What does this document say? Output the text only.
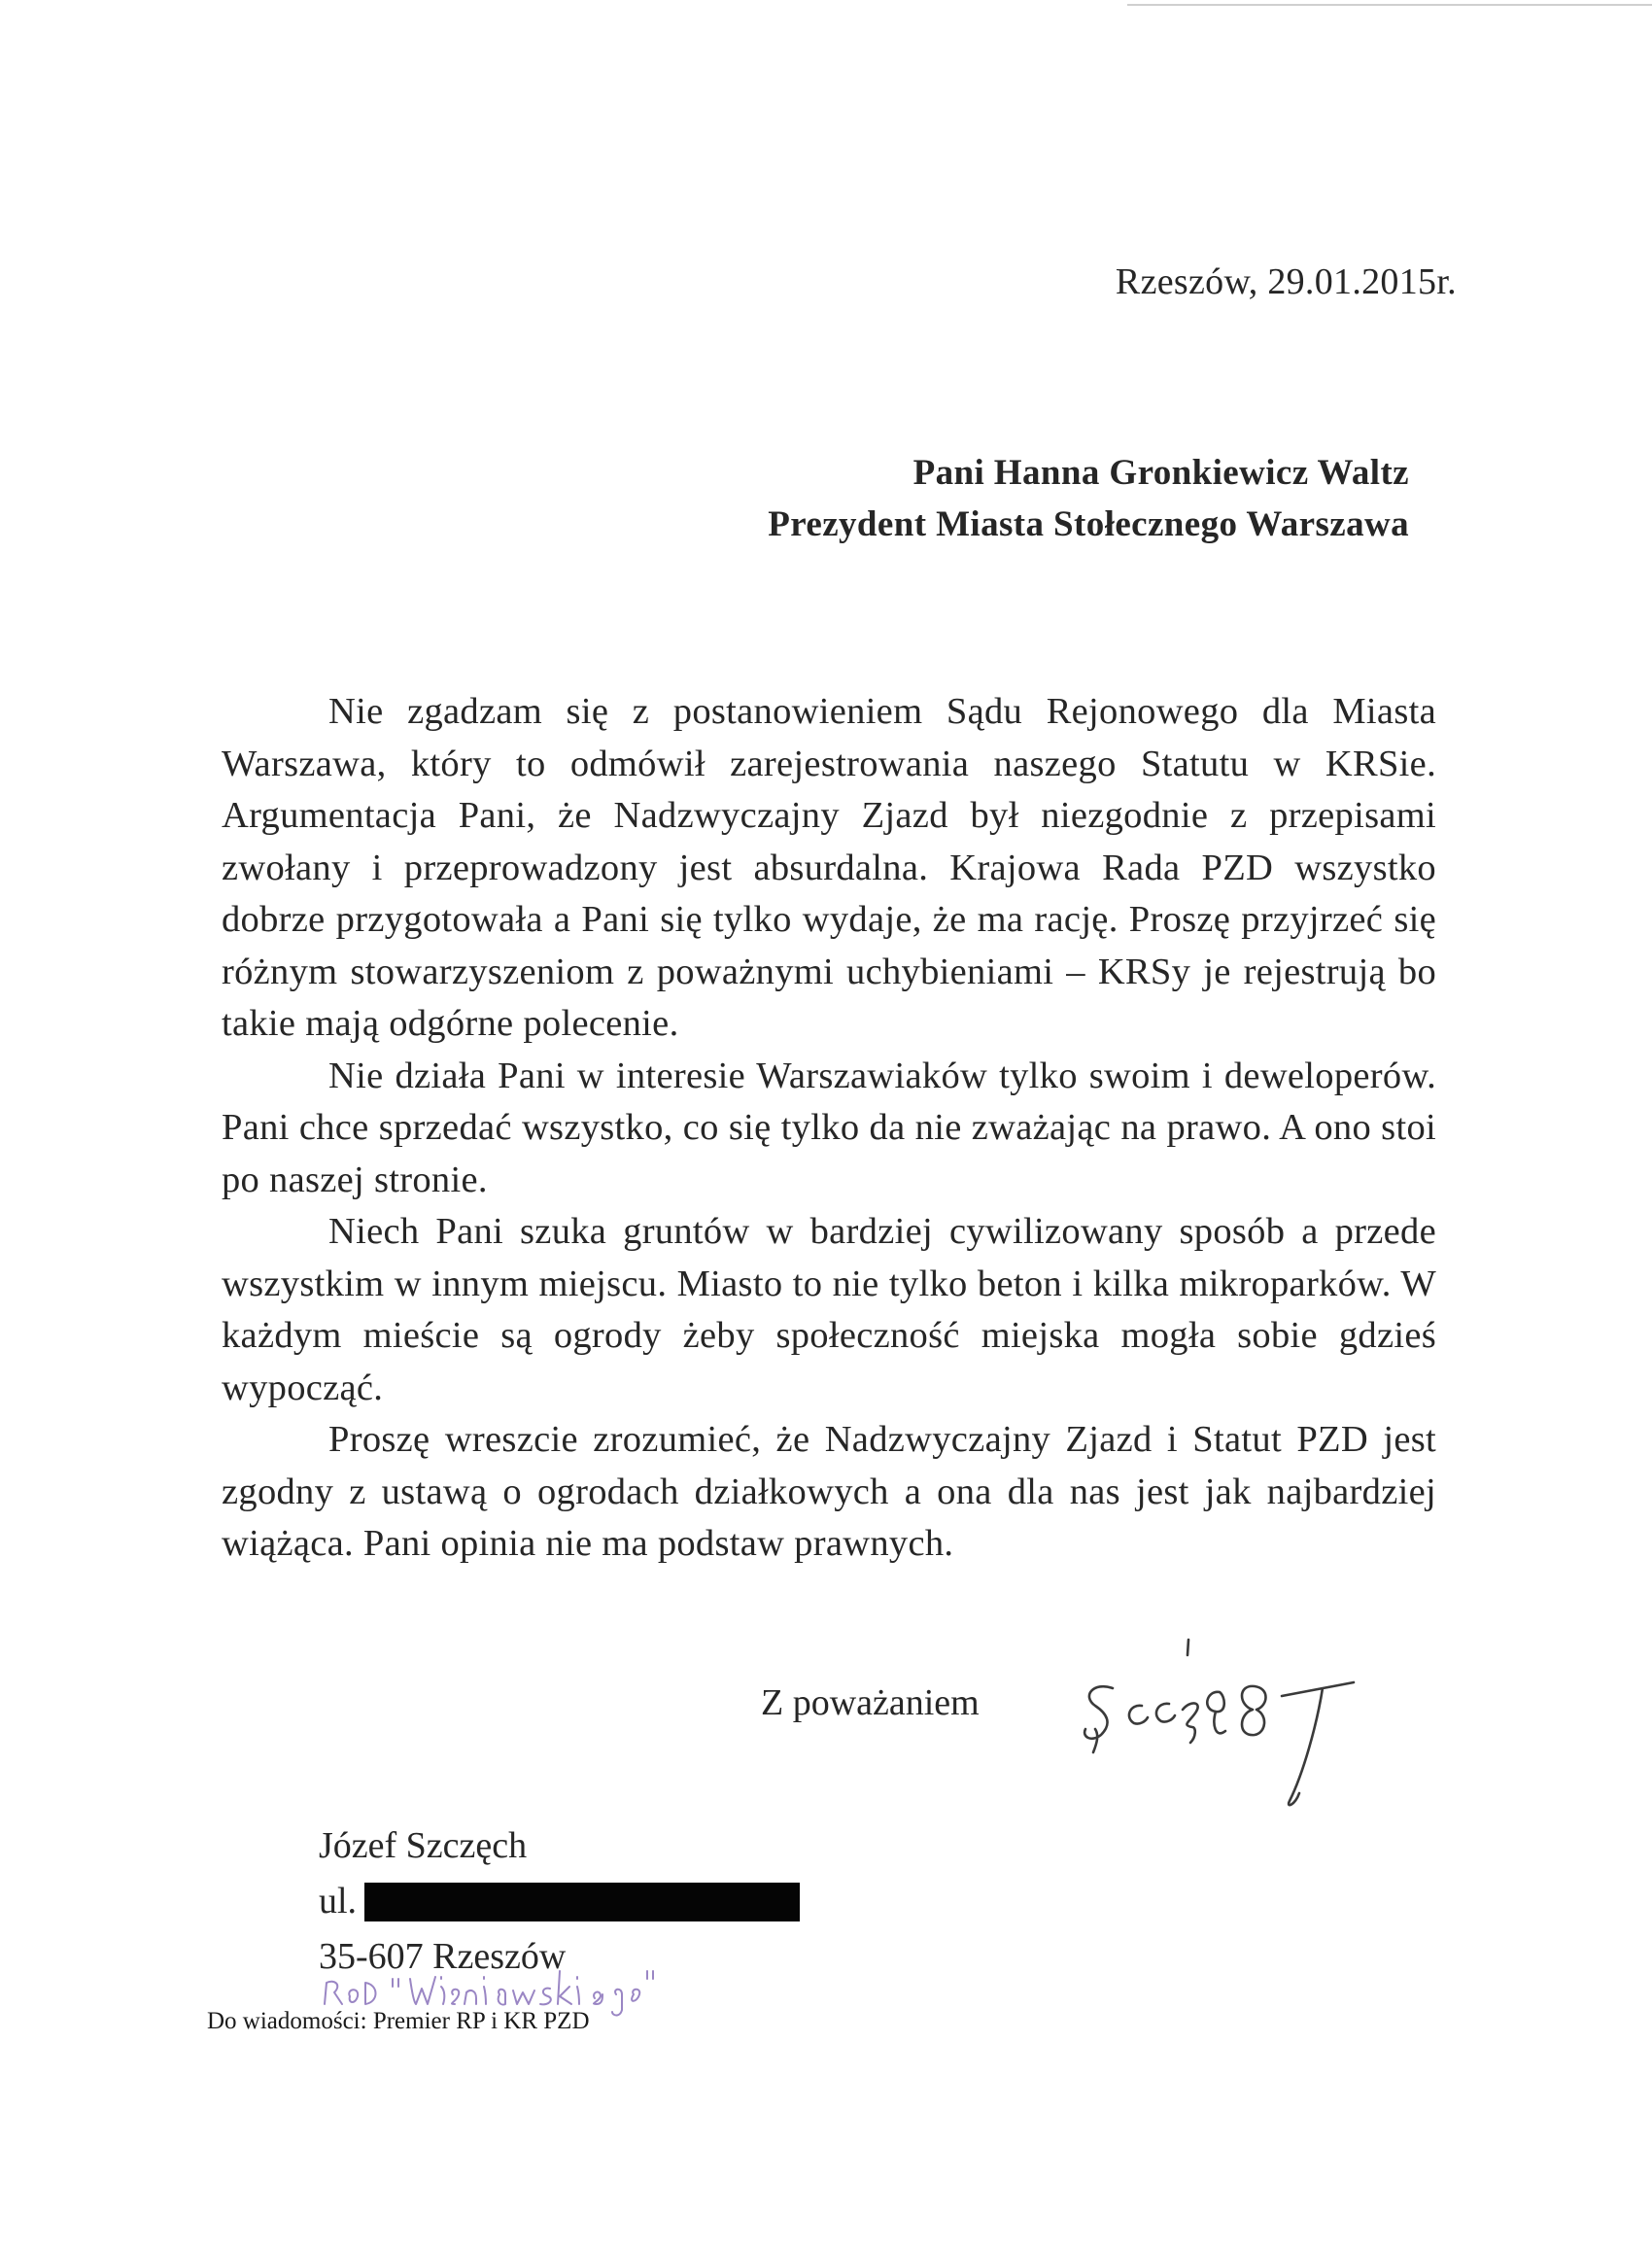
Rzeszów, 29.01.2015r.
Pani Hanna Gronkiewicz Waltz
Prezydent Miasta Stołecznego Warszawa

Nie zgadzam się z postanowieniem Sądu Rejonowego dla Miasta Warszawa, który to odmówił zarejestrowania naszego Statutu w KRSie. Argumentacja Pani, że Nadzwyczajny Zjazd był niezgodnie z przepisami zwołany i przeprowadzony jest absurdalna. Krajowa Rada PZD wszystko dobrze przygotowała a Pani się tylko wydaje, że ma rację. Proszę przyjrzeć się różnym stowarzyszeniom z poważnymi uchybieniami – KRSy je rejestrują bo takie mają odgórne polecenie.

Nie działa Pani w interesie Warszawiaków tylko swoim i deweloperów. Pani chce sprzedać wszystko, co się tylko da nie zważając na prawo. A ono stoi po naszej stronie.

Niech Pani szuka gruntów w bardziej cywilizowany sposób a przede wszystkim w innym miejscu. Miasto to nie tylko beton i kilka mikroparków. W każdym mieście są ogrody żeby społeczność miejska mogła sobie gdzieś wypocząć.

Proszę wreszcie zrozumieć, że Nadzwyczajny Zjazd i Statut PZD jest zgodny z ustawą o ogrodach działkowych a ona dla nas jest jak najbardziej wiążąca. Pani opinia nie ma podstaw prawnych.

Z poważaniem
Józef Szczęch
ul.
35-607 Rzeszów
Do wiadomości: Premier RP i KR PZD
